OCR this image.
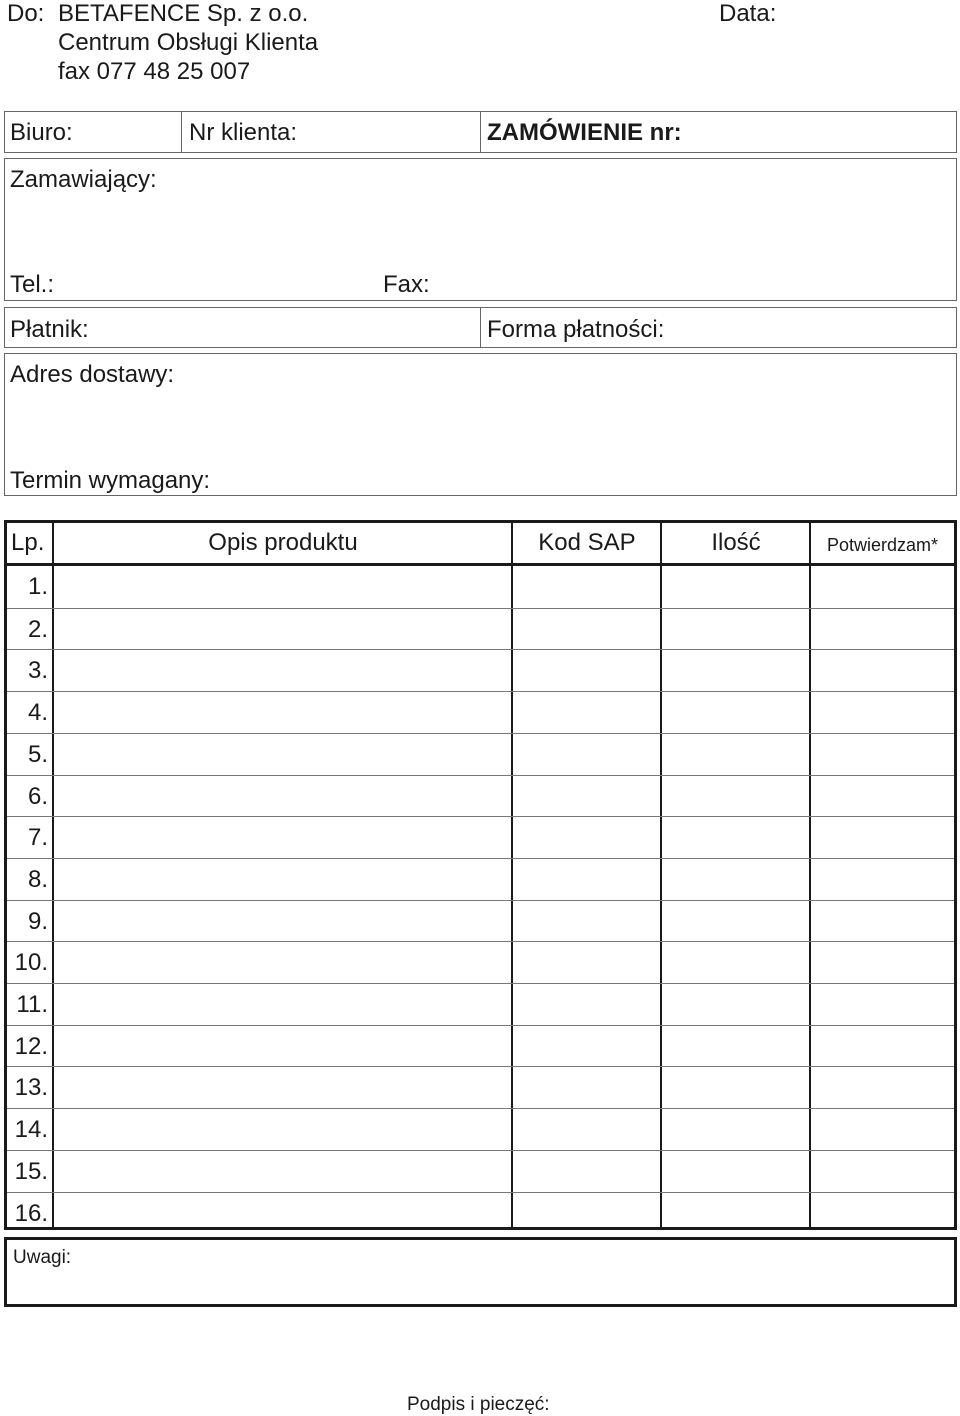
Do: BETAFENCE Sp. z o.o.
Centrum Obsługi Klienta
fax 077 48 25 007
Data:
Biuro:	Nr klienta:	ZAMÓWIENIE nr:
Zamawiający:
Tel.:	Fax:
Płatnik:	Forma płatności:
Adres dostawy:
Termin wymagany:
Lp.	Opis produktu	Kod SAP	Ilość	Potwierdzam*
1.
2.
3.
4.
5.
6.
7.
8.
9.
10.
11.
12.
13.
14.
15.
16.
Uwagi:
Podpis i pieczęć:
